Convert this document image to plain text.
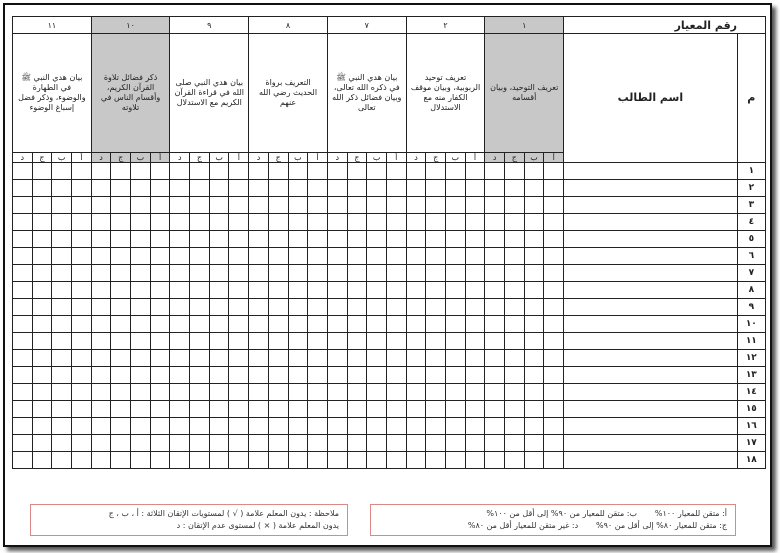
١١				١٠				٩				٨				٧				٢				١				رقم المعيار	

بيان هدي النبي ﷺ في الطهارة والوضوء، وذكر فضل إسباغ الوضوء				ذكر فضائل تلاوة القرآن الكريم، وأقسام الناس في تلاوته				بيان هدي النبي صلى الله في قراءة القرآن الكريم مع الاستدلال				التعريف برواة الحديث رضي الله عنهم				بيان هدي النبي ﷺ في ذكره الله تعالى، وبيان فضائل ذكر الله تعالى				تعريف توحيد الربوبية، وبيان موقف الكفار منه مع الاستدلال				تعريف التوحيد، وبيان أقسامه				اسم الطالب	م
د	ج	ب	أ	د	ج	ب	أ	د	ج	ب	أ	د	ج	ب	أ	د	ج	ب	أ	د	ج	ب	أ	د	ج	ب	أ		
																													١
																													٢
																													٣
																													٤
																													٥
																													٦
																													٧
																													٨
																													٩
																													١٠
																													١١
																													١٢
																													١٣
																													١٤
																													١٥
																													١٦
																													١٧
																													١٨
ملاحظة : يدون المعلم علامة ( √ ) لمستويات الإتقان الثلاثة : أ ، ب ، ج
يدون المعلم علامة ( × ) لمستوى عدم الإتقان : د
أ: متقن للمعيار ١٠٠%       ب: متقن للمعيار من ٩٠% إلى أقل من ١٠٠%
ج: متقن للمعيار ٨٠% إلى أقل من ٩٠%       د: غير متقن للمعيار أقل من ٨٠%
